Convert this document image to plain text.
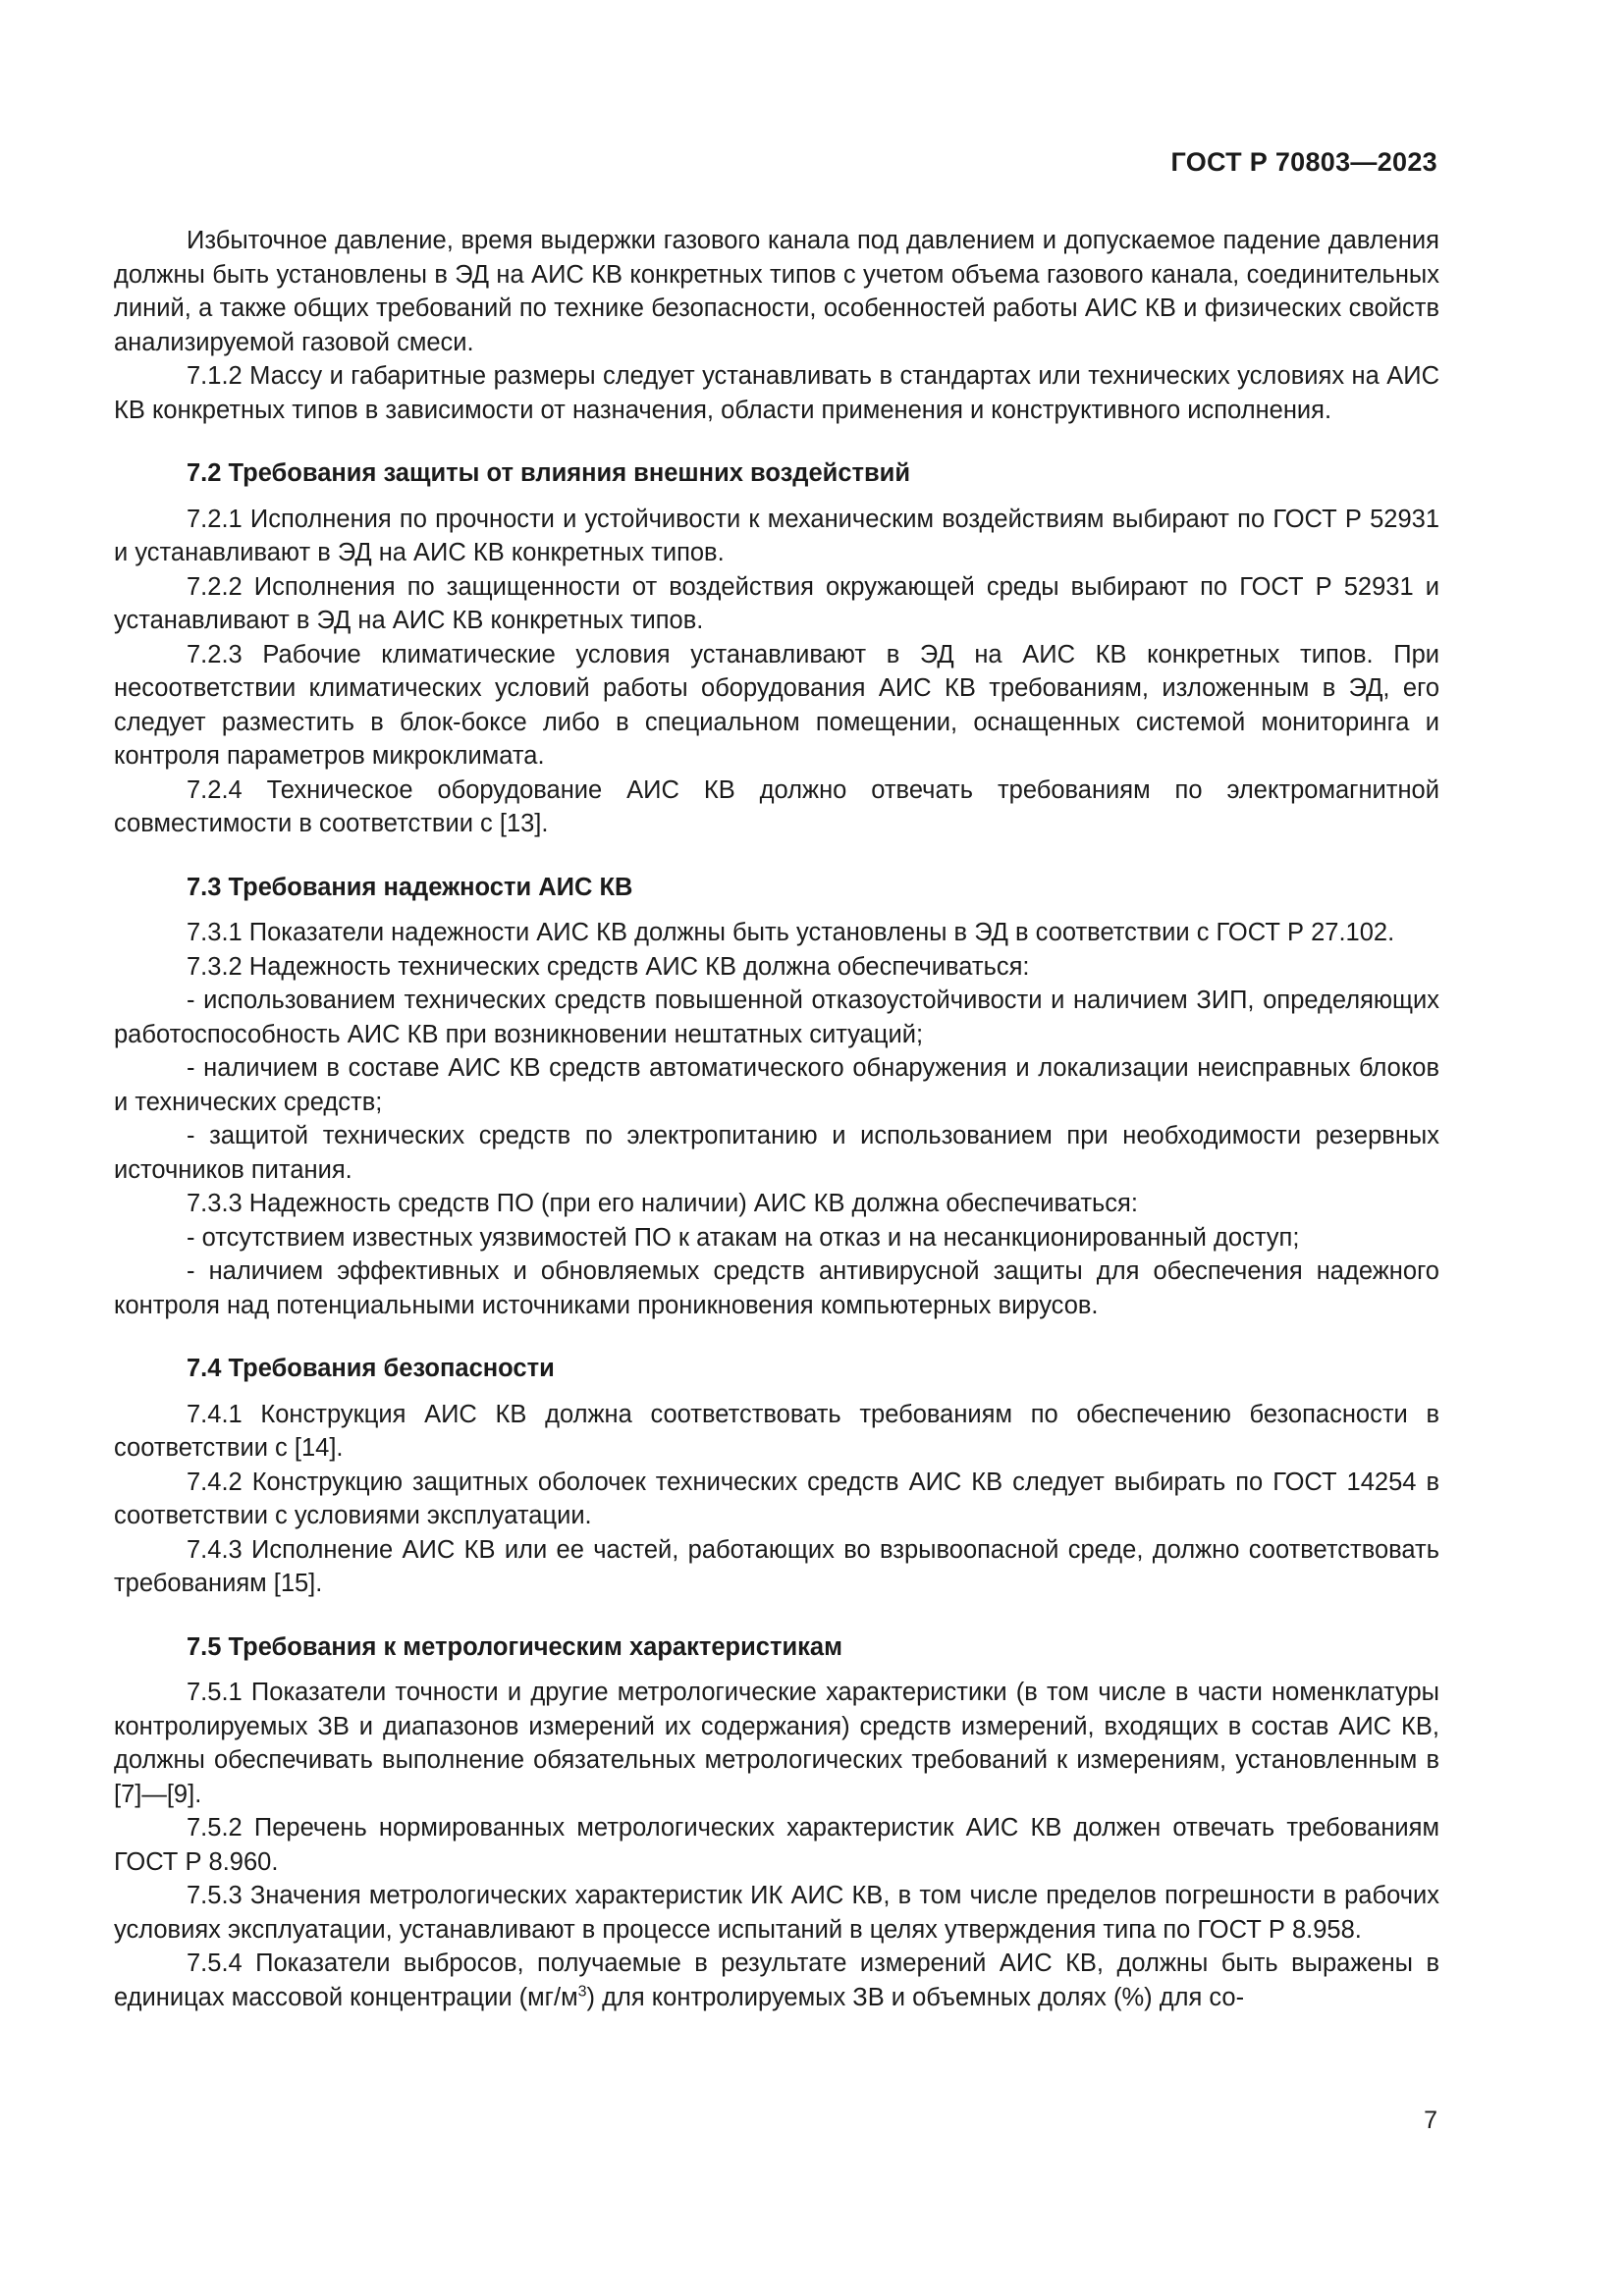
ГОСТ Р 70803—2023

Избыточное давление, время выдержки газового канала под давлением и допускаемое падение давления должны быть установлены в ЭД на АИС КВ конкретных типов с учетом объема газового канала, соединительных линий, а также общих требований по технике безопасности, особенностей работы АИС КВ и физических свойств анализируемой газовой смеси.

7.1.2 Массу и габаритные размеры следует устанавливать в стандартах или технических условиях на АИС КВ конкретных типов в зависимости от назначения, области применения и конструктивного исполнения.

7.2 Требования защиты от влияния внешних воздействий

7.2.1 Исполнения по прочности и устойчивости к механическим воздействиям выбирают по ГОСТ Р 52931 и устанавливают в ЭД на АИС КВ конкретных типов.

7.2.2 Исполнения по защищенности от воздействия окружающей среды выбирают по ГОСТ Р 52931 и устанавливают в ЭД на АИС КВ конкретных типов.

7.2.3 Рабочие климатические условия устанавливают в ЭД на АИС КВ конкретных типов. При несоответствии климатических условий работы оборудования АИС КВ требованиям, изложенным в ЭД, его следует разместить в блок-боксе либо в специальном помещении, оснащенных системой мониторинга и контроля параметров микроклимата.

7.2.4 Техническое оборудование АИС КВ должно отвечать требованиям по электромагнитной совместимости в соответствии с [13].

7.3 Требования надежности АИС КВ

7.3.1 Показатели надежности АИС КВ должны быть установлены в ЭД в соответствии с ГОСТ Р 27.102.

7.3.2 Надежность технических средств АИС КВ должна обеспечиваться:

- использованием технических средств повышенной отказоустойчивости и наличием ЗИП, определяющих работоспособность АИС КВ при возникновении нештатных ситуаций;

- наличием в составе АИС КВ средств автоматического обнаружения и локализации неисправных блоков и технических средств;

- защитой технических средств по электропитанию и использованием при необходимости резервных источников питания.

7.3.3 Надежность средств ПО (при его наличии) АИС КВ должна обеспечиваться:

- отсутствием известных уязвимостей ПО к атакам на отказ и на несанкционированный доступ;

- наличием эффективных и обновляемых средств антивирусной защиты для обеспечения надежного контроля над потенциальными источниками проникновения компьютерных вирусов.

7.4 Требования безопасности

7.4.1 Конструкция АИС КВ должна соответствовать требованиям по обеспечению безопасности в соответствии с [14].

7.4.2 Конструкцию защитных оболочек технических средств АИС КВ следует выбирать по ГОСТ 14254 в соответствии с условиями эксплуатации.

7.4.3 Исполнение АИС КВ или ее частей, работающих во взрывоопасной среде, должно соответствовать требованиям [15].

7.5 Требования к метрологическим характеристикам

7.5.1 Показатели точности и другие метрологические характеристики (в том числе в части номенклатуры контролируемых ЗВ и диапазонов измерений их содержания) средств измерений, входящих в состав АИС КВ, должны обеспечивать выполнение обязательных метрологических требований к измерениям, установленным в [7]—[9].

7.5.2 Перечень нормированных метрологических характеристик АИС КВ должен отвечать требованиям ГОСТ Р 8.960.

7.5.3 Значения метрологических характеристик ИК АИС КВ, в том числе пределов погрешности в рабочих условиях эксплуатации, устанавливают в процессе испытаний в целях утверждения типа по ГОСТ Р 8.958.

7.5.4 Показатели выбросов, получаемые в результате измерений АИС КВ, должны быть выражены в единицах массовой концентрации $(мг/м^3)$ для контролируемых ЗВ и объемных долях (%) для со-

7
